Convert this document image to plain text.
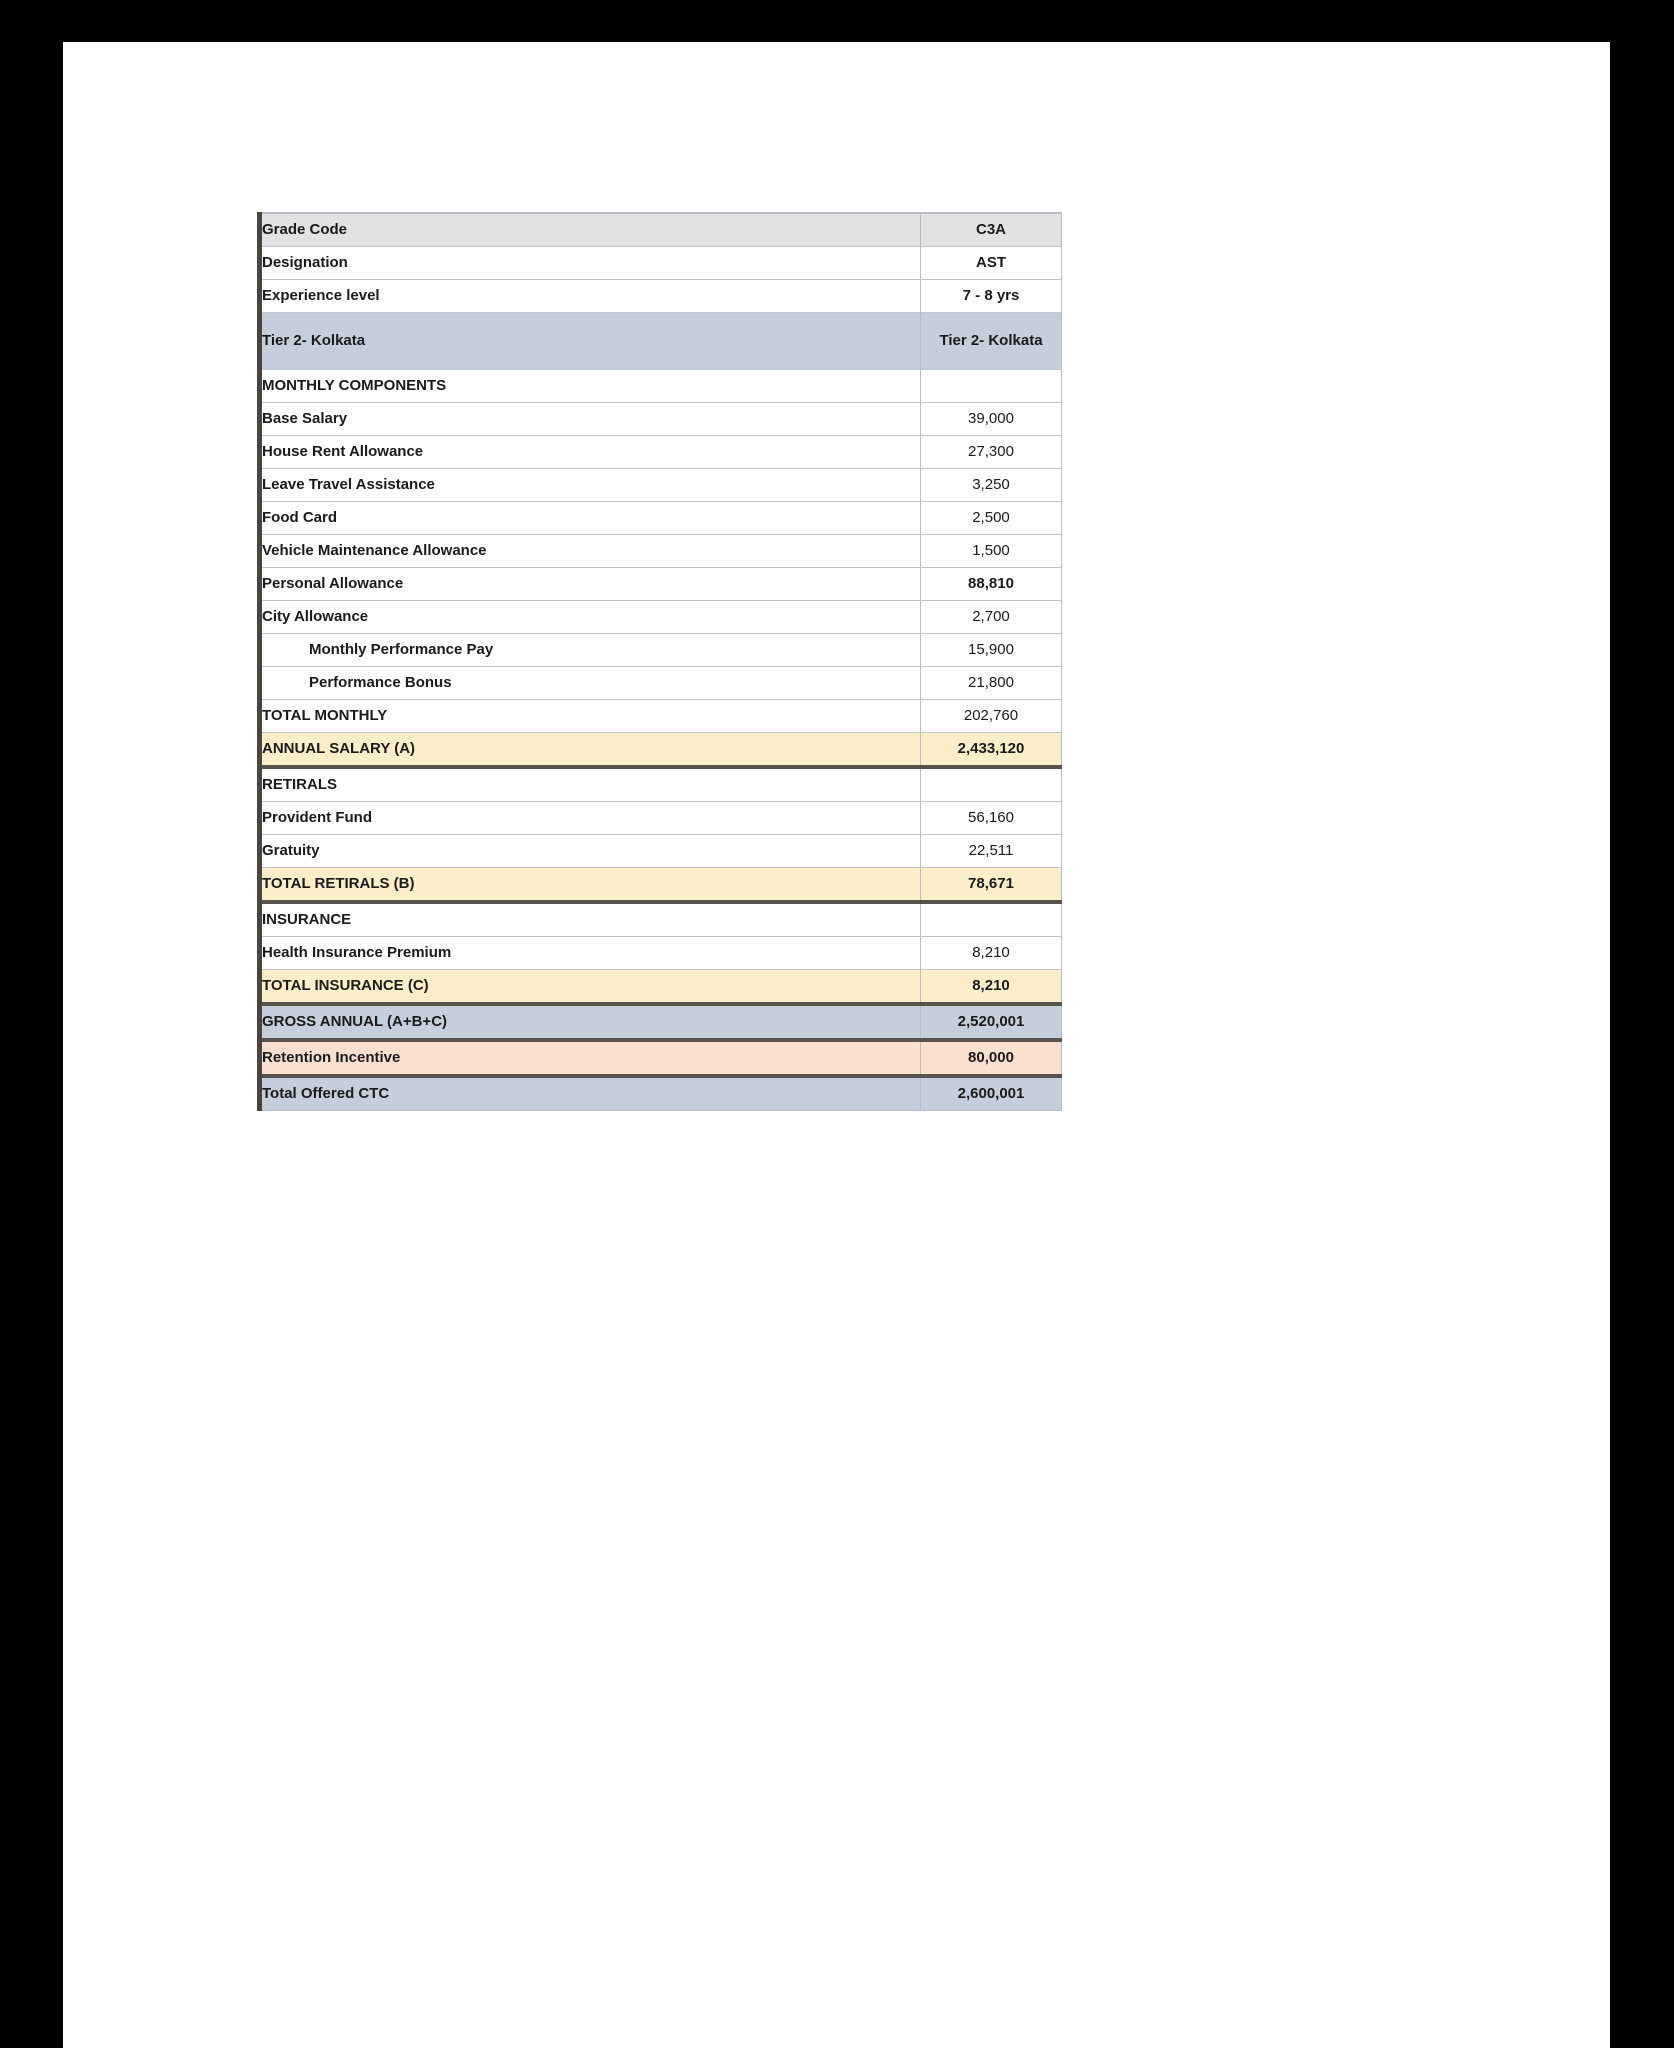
Grade Code	C3A
Designation	AST
Experience level	7 - 8 yrs
Tier 2- Kolkata	Tier 2- Kolkata
MONTHLY COMPONENTS	
Base Salary	39,000
House Rent Allowance	27,300
Leave Travel Assistance	3,250
Food Card	2,500
Vehicle Maintenance Allowance	1,500
Personal Allowance	88,810
City Allowance	2,700
Monthly Performance Pay	15,900
Performance Bonus	21,800
TOTAL MONTHLY	202,760
ANNUAL SALARY (A)	2,433,120
RETIRALS	
Provident Fund	56,160
Gratuity	22,511
TOTAL RETIRALS (B)	78,671
INSURANCE	
Health Insurance Premium	8,210
TOTAL INSURANCE (C)	8,210
GROSS ANNUAL (A+B+C)	2,520,001
Retention Incentive	80,000
Total Offered CTC	2,600,001
